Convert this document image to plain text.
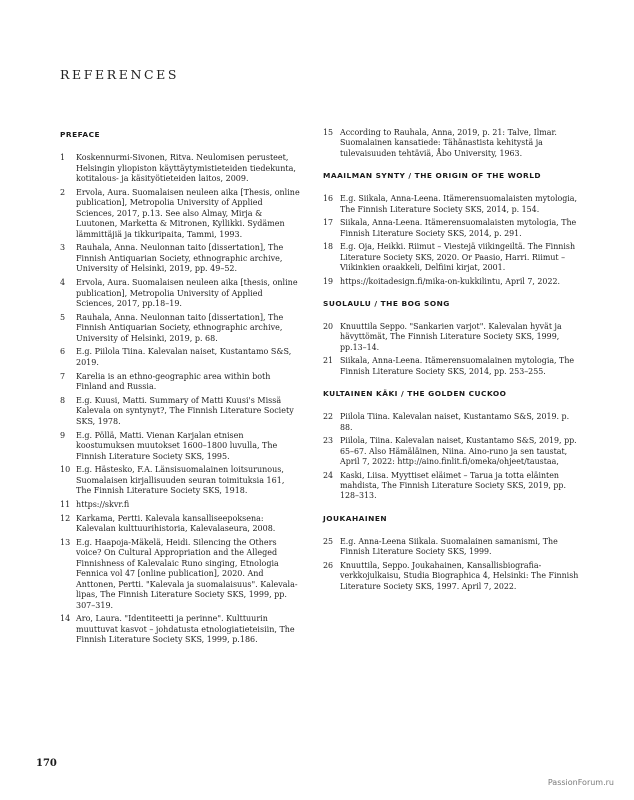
REFERENCES
PREFACE
1	Koskennurmi-Sivonen, Ritva. Neulomisen perusteet, Helsingin yliopiston käyttäytymistieteiden tiedekunta, kotitalous- ja käsityötieteiden laitos, 2009.
2	Ervola, Aura. Suomalaisen neuleen aika [Thesis, online publication], Metropolia University of Applied Sciences, 2017, p.13. See also Almay, Mirja & Luutonen, Marketta & Mitronen, Kyllikki. Sydämen lämmittäjiä ja tikkuripaita, Tammi, 1993.
3	Rauhala, Anna. Neulonnan taito [dissertation], The Finnish Antiquarian Society, ethnographic archive, University of Helsinki, 2019, pp. 49–52.
4	Ervola, Aura. Suomalaisen neuleen aika [thesis, online publication], Metropolia University of Applied Sciences, 2017, pp.18–19.
5	Rauhala, Anna. Neulonnan taito [dissertation], The Finnish Antiquarian Society, ethnographic archive, University of Helsinki, 2019, p. 68.
6	E.g. Piilola Tiina. Kalevalan naiset, Kustantamo S&S, 2019.
7	Karelia is an ethno-geographic area within both Finland and Russia.
8	E.g. Kuusi, Matti. Summary of Matti Kuusi's Missä Kalevala on syntynyt?, The Finnish Literature Society SKS, 1978.
9	E.g. Pöllä, Matti. Vienan Karjalan etnisen koostumuksen muutokset 1600–1800 luvulla, The Finnish Literature Society SKS, 1995.
10 E.g. Hästesko, F.A. Länsisuomalainen loitsurunous, Suomalaisen kirjallisuuden seuran toimituksia 161, The Finnish Literature Society SKS, 1918.
11 https://skvr.fi
12 Karkama, Pertti. Kalevala kansalliseepoksena: Kalevalan kulttuurihistoria, Kalevalaseura, 2008.
13 E.g. Haapoja-Mäkelä, Heidi. Silencing the Others voice? On Cultural Appropriation and the Alleged Finnishness of Kalevalaic Runo singing, Etnologia Fennica vol 47 [online publication], 2020. And Anttonen, Pertti. "Kalevala ja suomalaisuus". Kalevala-lipas, The Finnish Literature Society SKS, 1999, pp. 307–319.
14 Aro, Laura. "Identiteetti ja perinne". Kulttuurin muuttuvat kasvot – johdatusta etnologiatieteisiin, The Finnish Literature Society SKS, 1999, p.186.
15 According to Rauhala, Anna, 2019, p. 21: Talve, Ilmar. Suomalainen kansatiede: Tähänastista kehitystä ja tulevaisuuden tehtäviä, Åbo University, 1963.
MAAILMAN SYNTY / THE ORIGIN OF THE WORLD
16 E.g. Siikala, Anna-Leena. Itämerensuomalaisten mytologia, The Finnish Literature Society SKS, 2014, p. 154.
17 Siikala, Anna-Leena. Itämerensuomalaisten mytologia, The Finnish Literature Society SKS, 2014, p. 291.
18 E.g. Oja, Heikki. Riimut – Viestejä viikingeiltä. The Finnish Literature Society SKS, 2020. Or Paasio, Harri. Riimut – Viikinkien oraakkeli, Delfiini kirjat, 2001.
19 https://koitadesign.fi/mika-on-kukkilintu, April 7, 2022.
SUOLAULU / THE BOG SONG
20 Knuuttila Seppo. "Sankarien varjot". Kalevalan hyvät ja hävyttömät, The Finnish Literature Society SKS, 1999, pp.13–14.
21 Siikala, Anna-Leena. Itämerensuomalainen mytologia, The Finnish Literature Society SKS, 2014, pp. 253–255.
KULTAINEN KÄKI / THE GOLDEN CUCKOO
22 Piilola Tiina. Kalevalan naiset, Kustantamo S&S, 2019. p. 88.
23 Piilola, Tiina. Kalevalan naiset, Kustantamo S&S, 2019, pp. 65–67. Also Hämäläinen, Niina. Aino-runo ja sen taustat, April 7, 2022: http://aino.finlit.fi/omeka/ohjeet/taustaa,
24 Kaski, Liisa. Myyttiset eläimet – Tarua ja totta eläinten mahdista, The Finnish Literature Society SKS, 2019, pp. 128–313.
JOUKAHAINEN
25 E.g. Anna-Leena Siikala. Suomalainen samanismi, The Finnish Literature Society SKS, 1999.
26 Knuuttila, Seppo. Joukahainen, Kansallisbiografia-verkkojulkaisu, Studia Biographica 4, Helsinki: The Finnish Literature Society SKS, 1997. April 7, 2022.
170
PassionForum.ru
